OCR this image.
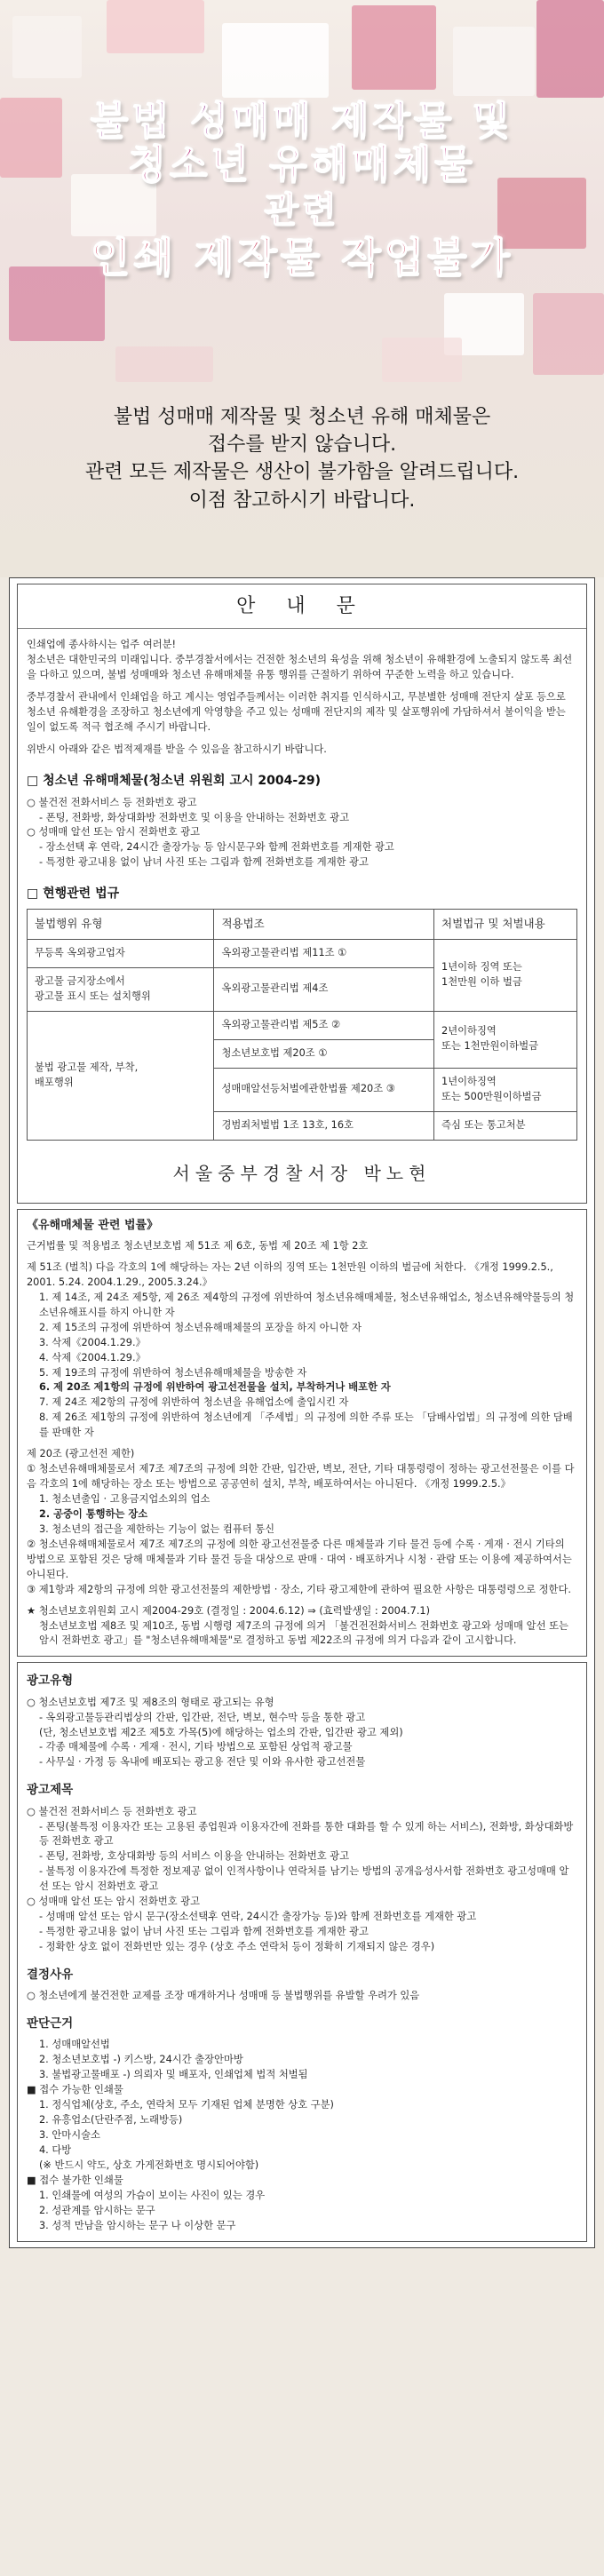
불법 성매매 제작물 및
청소년 유해매체물
관련
인쇄 제작물 작업불가
불법 성매매 제작물 및 청소년 유해 매체물은
접수를 받지 않습니다.
관련 모든 제작물은 생산이 불가함을 알려드립니다.
이점 참고하시기 바랍니다.
안 내 문
인쇄업에 종사하시는 업주 여러분!
청소년은 대한민국의 미래입니다. 중부경찰서에서는 건전한 청소년의 육성을 위해 청소년이 유해환경에 노출되지 않도록 최선을 다하고 있으며, 불법 성매매와 청소년 유해매체물 유통 행위를 근절하기 위하여 꾸준한 노력을 하고 있습니다.
중부경찰서 관내에서 인쇄업을 하고 계시는 영업주들께서는 이러한 취지를 인식하시고, 무분별한 성매매 전단지 살포 등으로 청소년 유해환경을 조장하고 청소년에게 악영향을 주고 있는 성매매 전단지의 제작 및 살포행위에 가담하셔서 불이익을 받는 일이 없도록 적극 협조해 주시기 바랍니다.
위반시 아래와 같은 법적제재를 받을 수 있음을 참고하시기 바랍니다.
□ 청소년 유해매체물(청소년 위원회 고시 2004-29)
○ 불건전 전화서비스 등 전화번호 광고
- 폰팅, 전화방, 화상대화방 전화번호 및 이용을 안내하는 전화번호 광고
○ 성매매 알선 또는 암시 전화번호 광고
- 장소선택 후 연락, 24시간 출장가능 등 암시문구와 함께 전화번호를 게재한 광고
- 특정한 광고내용 없이 남녀 사진 또는 그림과 함께 전화번호를 게재한 광고
□ 현행관련 법규
불법행위 유형	적용법조	처벌법규 및 처벌내용
무등록 옥외광고업자	옥외광고물관리법 제11조 ①	1년이하 징역 또는
1천만원 이하 벌금
광고물 금지장소에서
광고물 표시 또는 설치행위	옥외광고물관리법 제4조	
불법 광고물 제작, 부착,
배포행위	옥외광고물관리법 제5조 ②	2년이하징역
또는 1천만원이하벌금
	청소년보호법 제20조 ①	
	성매매알선등처벌에관한법률 제20조 ③	1년이하징역
또는 500만원이하벌금
	경범죄처벌법 1조 13호, 16호	즉심 또는 통고처분
서울중부경찰서장 박노현
《유해매체물 관련 법률》
근거법률 및 적용법조 청소년보호법 제 51조 제 6호, 동법 제 20조 제 1항 2호
제 51조 (벌칙) 다음 각호의 1에 해당하는 자는 2년 이하의 징역 또는 1천만원 이하의 벌금에 처한다. 《개정 1999.2.5., 2001. 5.24. 2004.1.29., 2005.3.24.》
1. 제 14조, 제 24조 제5항, 제 26조 제4항의 규정에 위반하여 청소년유해매체물, 청소년유해업소, 청소년유해약물등의 청소년유해표시를 하지 아니한 자
2. 제 15조의 규정에 위반하여 청소년유해매체물의 포장을 하지 아니한 자
3. 삭제《2004.1.29.》
4. 삭제《2004.1.29.》
5. 제 19조의 규정에 위반하여 청소년유해매체물을 방송한 자
6. 제 20조 제1항의 규정에 위반하여 광고선전물을 설치, 부착하거나 배포한 자
7. 제 24조 제2항의 규정에 위반하여 청소년을 유해업소에 출입시킨 자
8. 제 26조 제1항의 규정에 위반하여 청소년에게 「주세법」의 규정에 의한 주류 또는 「담배사업법」의 규정에 의한 담배를 판매한 자
제 20조 (광고선전 제한)
① 청소년유해매체물로서 제7조 제7조의 규정에 의한 간판, 입간판, 벽보, 전단, 기타 대통령령이 정하는 광고선전물은 이를 다음 각호의 1에 해당하는 장소 또는 방법으로 공공연히 설치, 부착, 배포하여서는 아니된다. 《개정 1999.2.5.》
1. 청소년출입 · 고용금지업소외의 업소
2. 공중이 통행하는 장소
3. 청소년의 접근을 제한하는 기능이 없는 컴퓨터 통신
② 청소년유해매체물로서 제7조 제7조의 규정에 의한 광고선전물중 다른 매체물과 기타 물건 등에 수록 · 게재 · 전시 기타의 방법으로 포함된 것은 당해 매체물과 기타 물건 등을 대상으로 판매 · 대여 · 배포하거나 시청 · 관람 또는 이용에 제공하여서는 아니된다.
③ 제1항과 제2항의 규정에 의한 광고선전물의 제한방법 · 장소, 기타 광고제한에 관하여 필요한 사항은 대통령령으로 정한다.
★ 청소년보호위원회 고시 제2004-29호 (결정일 : 2004.6.12) ⇒ (효력발생일 : 2004.7.1)
청소년보호법 제8조 및 제10조, 동법 시행령 제7조의 규정에 의거 「불건전전화서비스 전화번호 광고와 성매매 알선 또는 암시 전화번호 광고」를 "청소년유해매체물"로 결정하고 동법 제22조의 규정에 의거 다음과 같이 고시합니다.
광고유형
○ 청소년보호법 제7조 및 제8조의 형태로 광고되는 유형
- 옥외광고물등관리법상의 간판, 입간판, 전단, 벽보, 현수막 등을 통한 광고
(단, 청소년보호법 제2조 제5호 가목(5)에 해당하는 업소의 간판, 입간판 광고 제외)
- 각종 매체물에 수록 · 게재 · 전시, 기타 방법으로 포함된 상업적 광고물
- 사무실 · 가정 등 옥내에 배포되는 광고용 전단 및 이와 유사한 광고선전물
광고제목
○ 불건전 전화서비스 등 전화번호 광고
- 폰팅(불특정 이용자간 또는 고용된 종업원과 이용자간에 전화를 통한 대화를 할 수 있게 하는 서비스), 전화방, 화상대화방 등 전화번호 광고
- 폰팅, 전화방, 호상대화방 등의 서비스 이용을 안내하는 전화번호 광고
- 불특정 이용자간에 특정한 정보제공 없이 인적사항이나 연락처를 남기는 방법의 공개음성사서함 전화번호 광고성매매 알선 또는 암시 전화번호 광고
○ 성매매 알선 또는 암시 전화번호 광고
- 성매매 알선 또는 암시 문구(장소선택후 연락, 24시간 출장가능 등)와 함께 전화번호를 게재한 광고
- 특정한 광고내용 없이 남녀 사진 또는 그림과 함께 전화번호를 게재한 광고
- 정확한 상호 없이 전화번만 있는 경우 (상호 주소 연락처 등이 정확히 기재되지 않은 경우)
결정사유
○ 청소년에게 불건전한 교제를 조장 매개하거나 성매매 등 불법행위를 유발할 우려가 있음
판단근거
1. 성매매알선법
2. 청소년보호법 -) 키스방, 24시간 출장안마방
3. 불법광고물배포 -) 의뢰자 및 배포자, 인쇄업체 법적 처벌됨
■ 접수 가능한 인쇄물
1. 정식업체(상호, 주소, 연락처 모두 기재된 업체 분명한 상호 구분)
2. 유흥업소(단란주점, 노래방등)
3. 안마시술소
4. 다방
(※ 반드시 약도, 상호 가게전화번호 명시되어야함)
■ 접수 불가한 인쇄물
1. 인쇄물에 여성의 가슴이 보이는 사진이 있는 경우
2. 성관계를 암시하는 문구
3. 성적 만남을 암시하는 문구 나 이상한 문구
